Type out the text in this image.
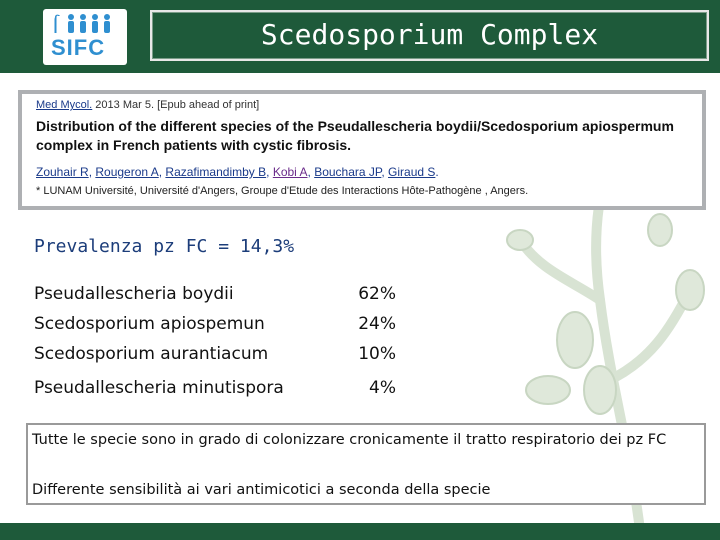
SIFC	Scedosporium Complex
Med Mycol. 2013 Mar 5. [Epub ahead of print]
Distribution of the different species of the Pseudallescheria boydii/Scedosporium apiospermum complex in French patients with cystic fibrosis.
Zouhair R, Rougeron A, Razafimandimby B, Kobi A, Bouchara JP, Giraud S.
* LUNAM Université, Université d'Angers, Groupe d'Etude des Interactions Hôte-Pathogène , Angers.
Prevalenza pz FC = 14,3%
Pseudallescheria boydii	62%
Scedosporium apiospemun	24%
Scedosporium aurantiacum	10%
Pseudallescheria minutispora	4%
Tutte le specie sono in grado di colonizzare cronicamente il tratto respiratorio dei pz FC
Differente sensibilità ai vari antimicotici a seconda della specie
